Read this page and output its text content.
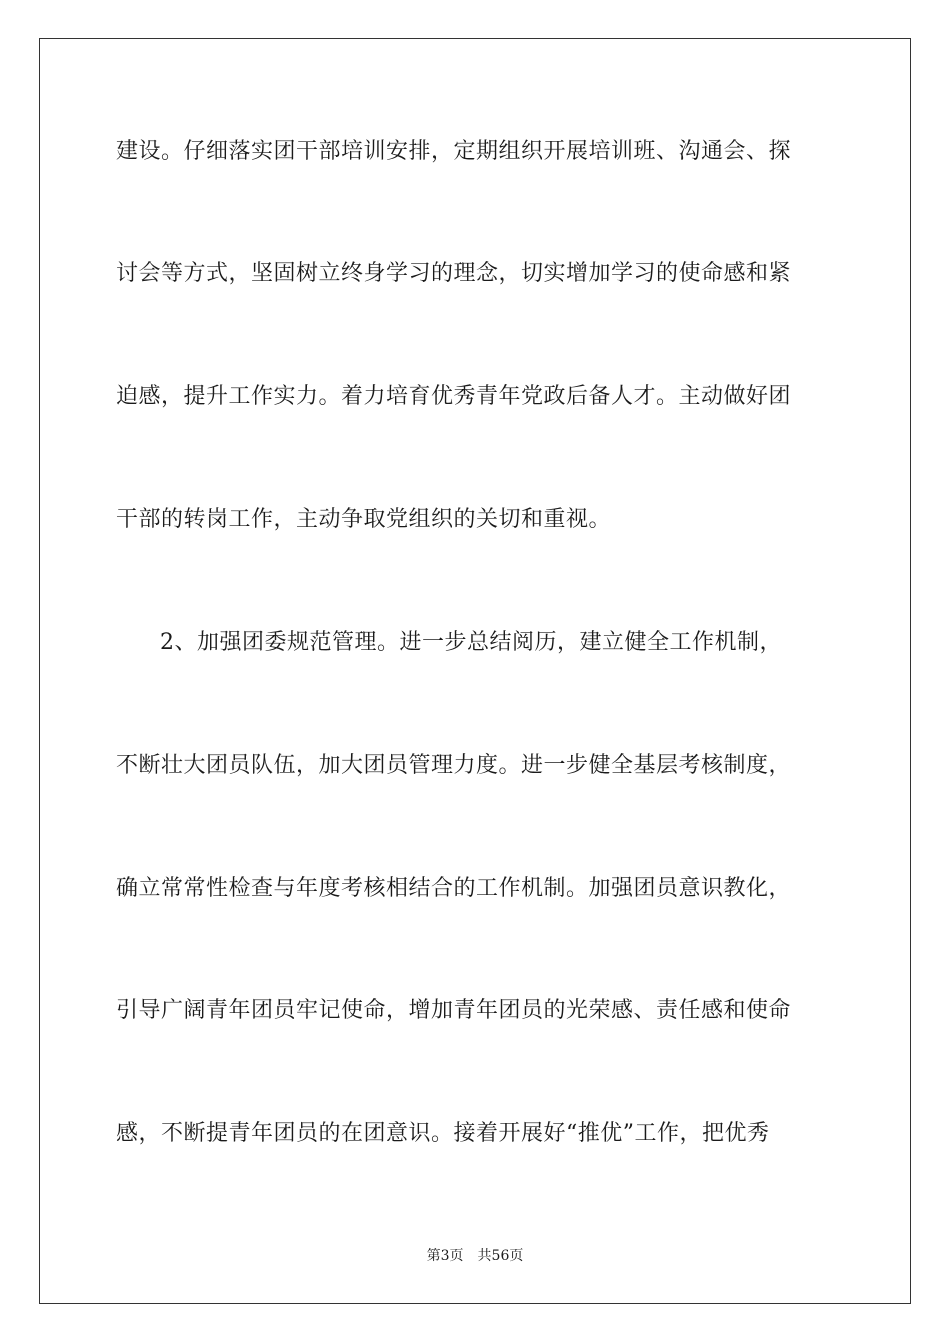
建设。仔细落实团干部培训安排，定期组织开展培训班、沟通会、探
讨会等方式，坚固树立终身学习的理念，切实增加学习的使命感和紧
迫感，提升工作实力。着力培育优秀青年党政后备人才。主动做好团
干部的转岗工作，主动争取党组织的关切和重视。
2、加强团委规范管理。进一步总结阅历，建立健全工作机制，
不断壮大团员队伍，加大团员管理力度。进一步健全基层考核制度，
确立常常性检查与年度考核相结合的工作机制。加强团员意识教化，
引导广阔青年团员牢记使命，增加青年团员的光荣感、责任感和使命
感，不断提青年团员的在团意识。接着开展好“推优”工作，把优秀
第3页 共56页
